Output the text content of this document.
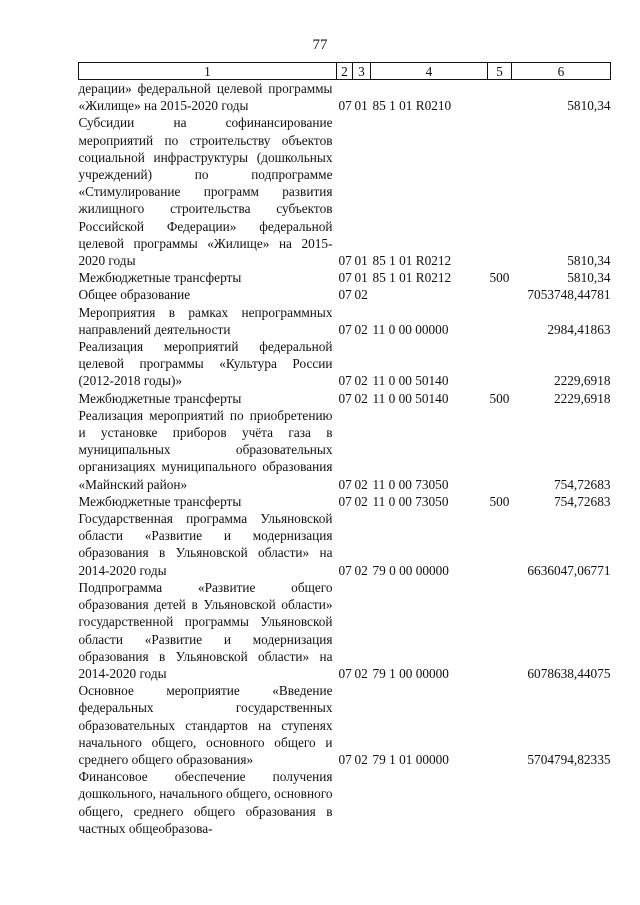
77
1	2	3	4	5	6
дерации» федеральной целевой программы «Жилище» на 2015-2020 годы	07	01	85 1 01 R0210		5810,34
Субсидии на софинансирование мероприятий по строительству объектов социальной инфраструктуры (дошкольных учреждений) по подпрограмме «Стимулирование программ развития жилищного строительства субъектов Российской Федерации» федеральной целевой программы «Жилище» на 2015-2020 годы	07	01	85 1 01 R0212		5810,34
Межбюджетные трансферты	07	01	85 1 01 R0212	500	5810,34
Общее образование	07	02			7053748,44781
Мероприятия в рамках непрограммных направлений деятельности	07	02	11 0 00 00000		2984,41863
Реализация мероприятий федеральной целевой программы «Культура России (2012-2018 годы)»	07	02	11 0 00 50140		2229,6918
Межбюджетные трансферты	07	02	11 0 00 50140	500	2229,6918
Реализация мероприятий по приобретению и установке приборов учёта газа в муниципальных образовательных организациях муниципального образования «Майнский район»	07	02	11 0 00 73050		754,72683
Межбюджетные трансферты	07	02	11 0 00 73050	500	754,72683
Государственная программа Ульяновской области «Развитие и модернизация образования в Ульяновской области» на 2014-2020 годы	07	02	79 0 00 00000		6636047,06771
Подпрограмма «Развитие общего образования детей в Ульяновской области» государственной программы Ульяновской области «Развитие и модернизация образования в Ульяновской области» на 2014-2020 годы	07	02	79 1 00 00000		6078638,44075
Основное мероприятие «Введение федеральных государственных образовательных стандартов на ступенях начального общего, основного общего и среднего общего образования»	07	02	79 1 01 00000		5704794,82335
Финансовое обеспечение получения дошкольного, начального общего, основного общего, среднего общего образования в частных общеобразова-					
